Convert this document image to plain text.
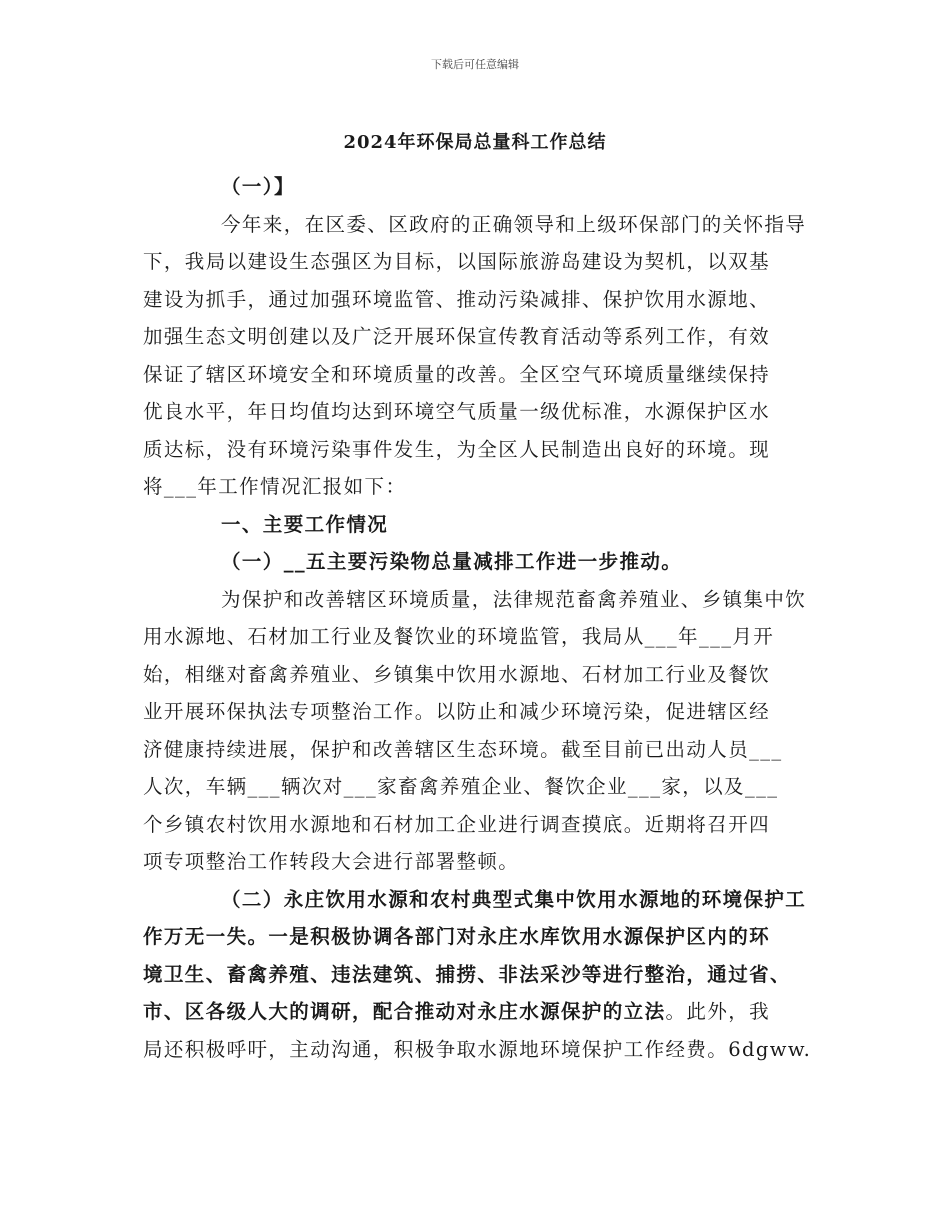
下载后可任意编辑
2024年环保局总量科工作总结
（一）】
今年来，在区委、区政府的正确领导和上级环保部门的关怀指导
下，我局以建设生态强区为目标，以国际旅游岛建设为契机，以双基
建设为抓手，通过加强环境监管、推动污染减排、保护饮用水源地、
加强生态文明创建以及广泛开展环保宣传教育活动等系列工作，有效
保证了辖区环境安全和环境质量的改善。全区空气环境质量继续保持
优良水平，年日均值均达到环境空气质量一级优标准，水源保护区水
质达标，没有环境污染事件发生，为全区人民制造出良好的环境。现
将___年工作情况汇报如下：
一、主要工作情况
（一）__五主要污染物总量减排工作进一步推动。
为保护和改善辖区环境质量，法律规范畜禽养殖业、乡镇集中饮
用水源地、石材加工行业及餐饮业的环境监管，我局从___年___月开
始，相继对畜禽养殖业、乡镇集中饮用水源地、石材加工行业及餐饮
业开展环保执法专项整治工作。以防止和减少环境污染，促进辖区经
济健康持续进展，保护和改善辖区生态环境。截至目前已出动人员___
人次，车辆___辆次对___家畜禽养殖企业、餐饮企业___家，以及___
个乡镇农村饮用水源地和石材加工企业进行调查摸底。近期将召开四
项专项整治工作转段大会进行部署整顿。
（二）永庄饮用水源和农村典型式集中饮用水源地的环境保护工
作万无一失。一是积极协调各部门对永庄水库饮用水源保护区内的环
境卫生、畜禽养殖、违法建筑、捕捞、非法采沙等进行整治，通过省、
市、区各级人大的调研，配合推动对永庄水源保护的立法。此外，我
局还积极呼吁，主动沟通，积极争取水源地环境保护工作经费。6dgww.
